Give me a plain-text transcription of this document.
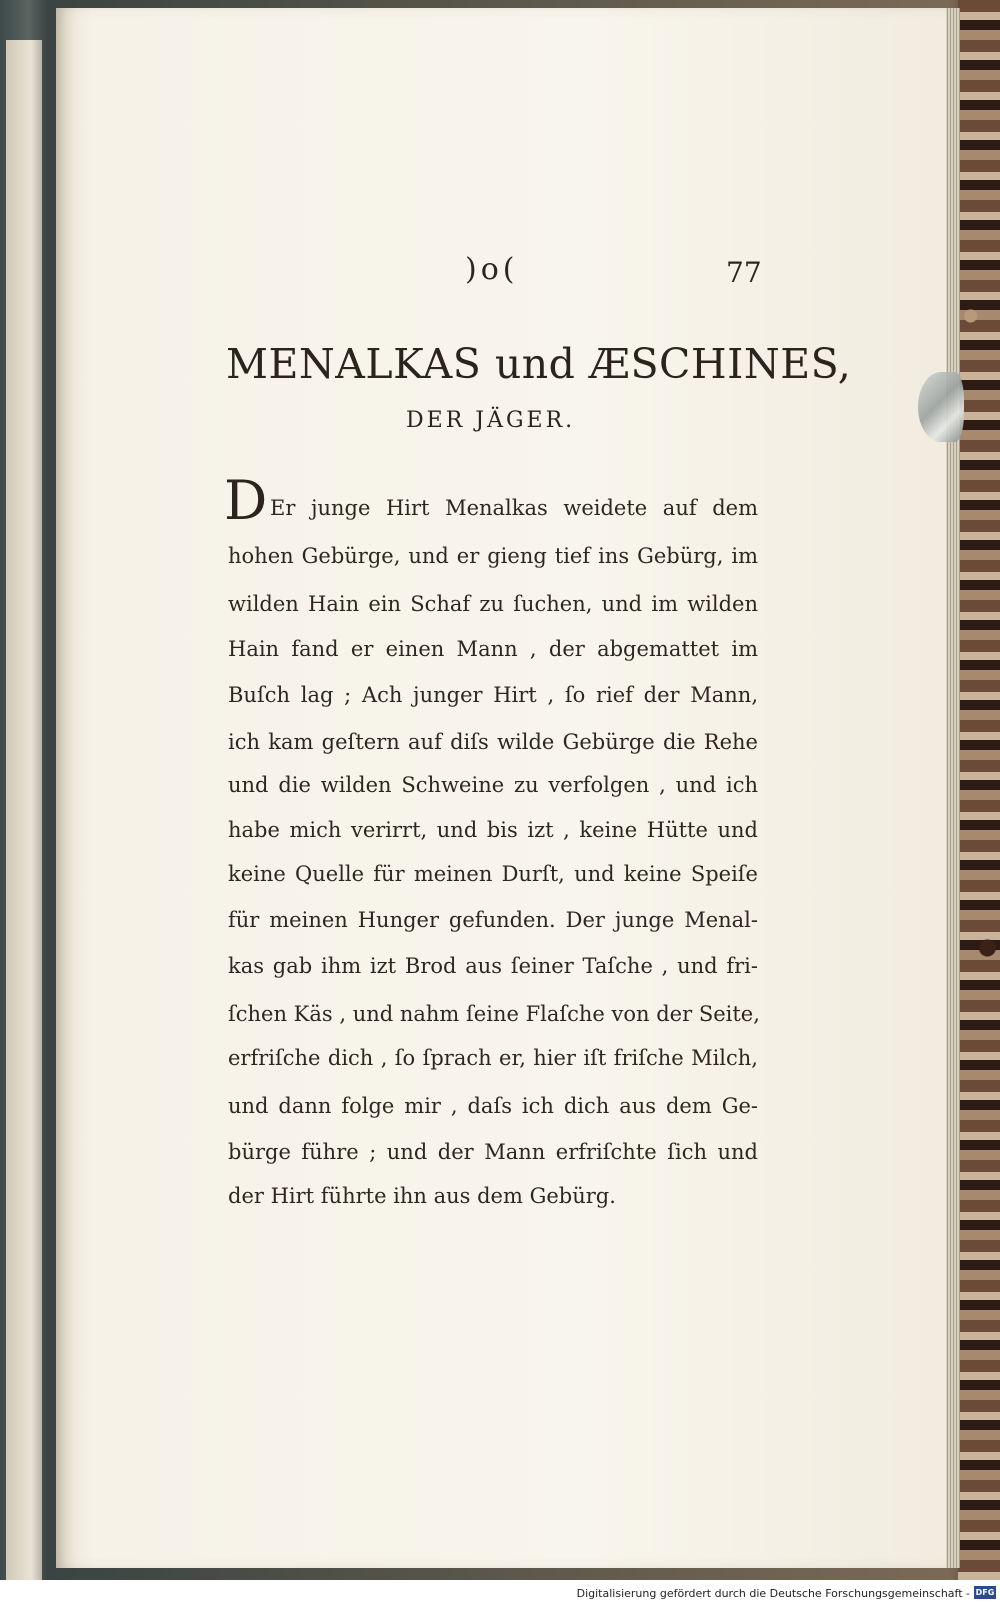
)o(	77
MENALKAS und ÆSCHINES,
DER JÄGER.
D Er junge Hirt Menalkas weidete auf dem
hohen Gebürge, und er gieng tief ins Gebürg, im
wilden Hain ein Schaf zu ſuchen, und im wilden
Hain fand er einen Mann , der abgemattet im
Buſch lag ; Ach junger Hirt , ſo rief der Mann,
ich kam geſtern auf diſs wilde Gebürge die Rehe
und die wilden Schweine zu verfolgen , und ich
habe mich verirrt, und bis izt , keine Hütte und
keine Quelle für meinen Durſt, und keine Speiſe
für meinen Hunger gefunden. Der junge Menal-
kas gab ihm izt Brod aus ſeiner Taſche , und fri-
ſchen Käs , und nahm ſeine Flaſche von der Seite,
erfriſche dich , ſo ſprach er, hier iſt friſche Milch,
und dann folge mir , daſs ich dich aus dem Ge-
bürge führe ; und der Mann erfriſchte ſich und
der Hirt führte ihn aus dem Gebürg.
Digitalisierung gefördert durch die Deutsche Forschungsgemeinschaft - DFG
